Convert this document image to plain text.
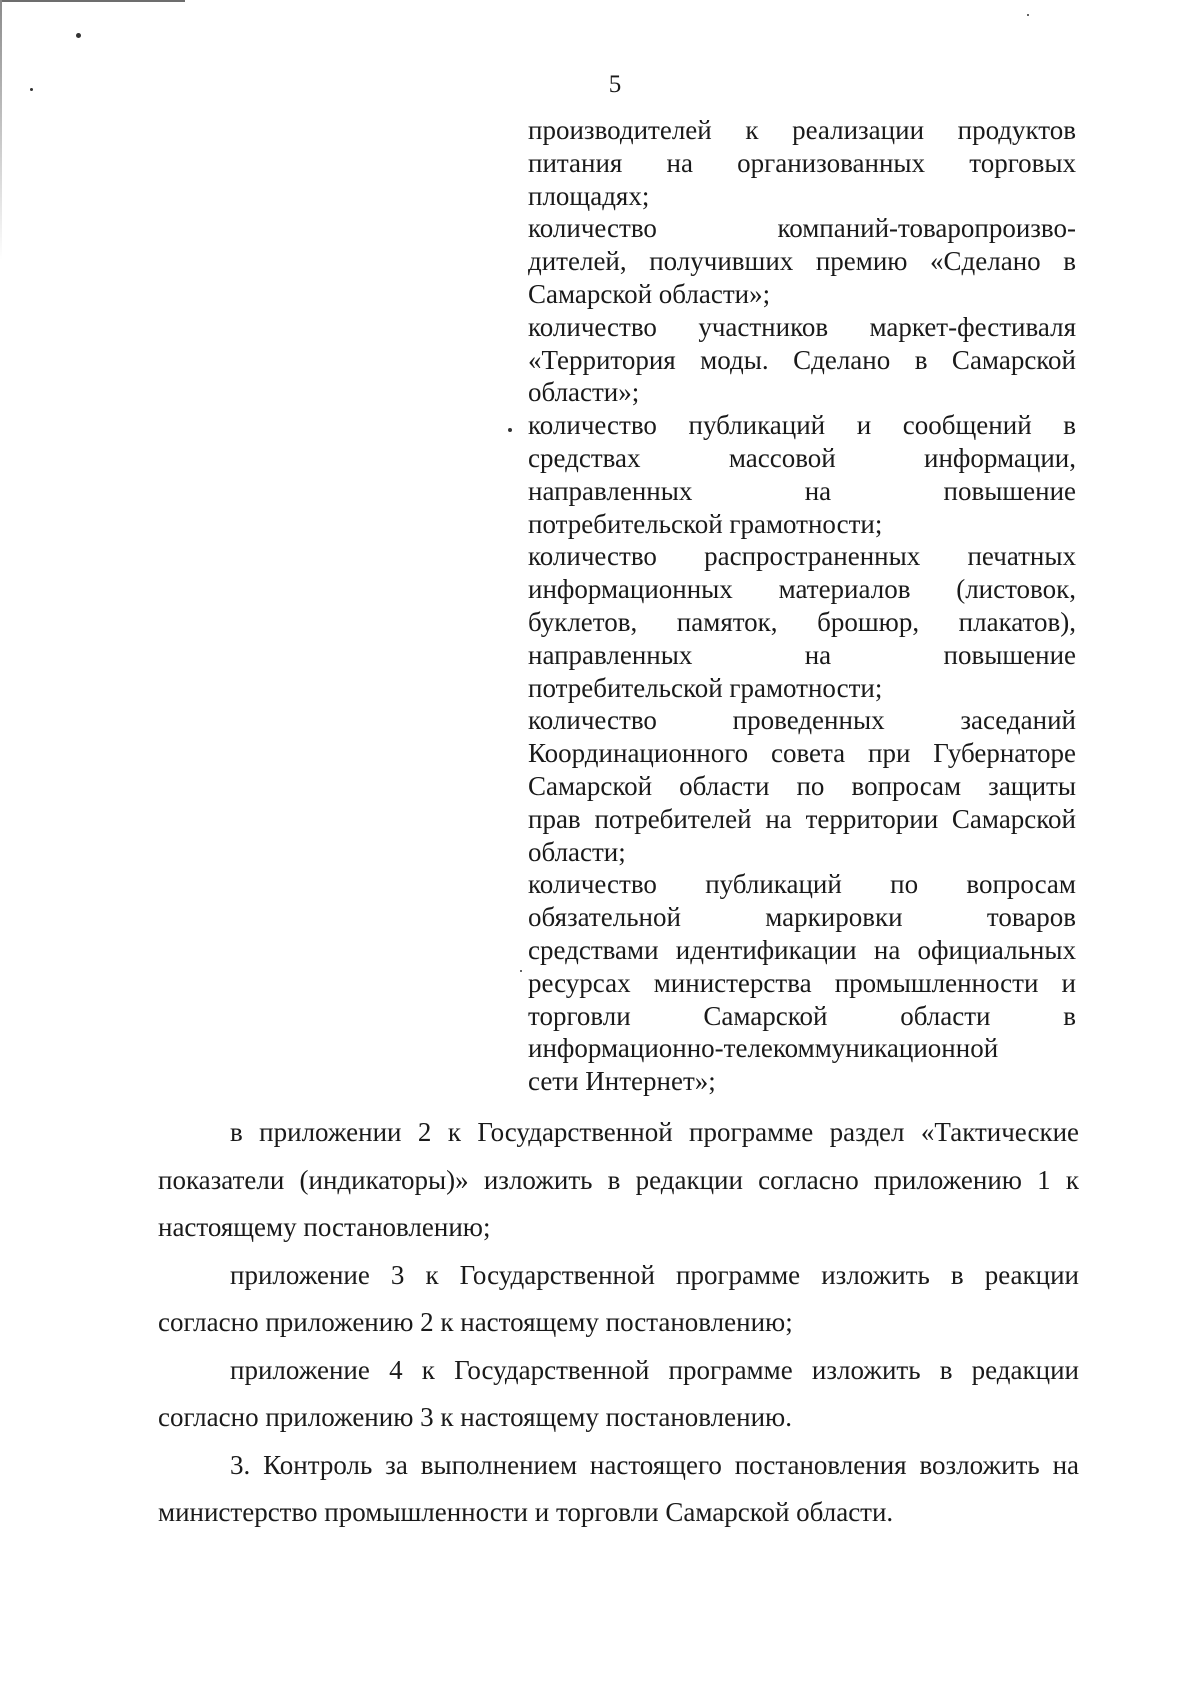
5
производителей к реализации продуктов
питания на организованных торговых
площадях;
количество компаний-товаропроизво-
дителей, получивших премию «Сделано в
Самарской области»;
количество участников маркет-фестиваля
«Территория моды. Сделано в Самарской
области»;
количество публикаций и сообщений в
средствах массовой информации,
направленных на повышение
потребительской грамотности;
количество распространенных печатных
информационных материалов (листовок,
буклетов, памяток, брошюр, плакатов),
направленных на повышение
потребительской грамотности;
количество проведенных заседаний
Координационного совета при Губернаторе
Самарской области по вопросам защиты
прав потребителей на территории Самарской
области;
количество публикаций по вопросам
обязательной маркировки товаров
средствами идентификации на официальных
ресурсах министерства промышленности и
торговли Самарской области в
информационно-телекоммуникационной
сети Интернет»;

в приложении 2 к Государственной программе раздел «Тактические показатели (индикаторы)» изложить в редакции согласно приложению 1 к настоящему постановлению;

приложение 3 к Государственной программе изложить в реакции согласно приложению 2 к настоящему постановлению;

приложение 4 к Государственной программе изложить в редакции согласно приложению 3 к настоящему постановлению.

3. Контроль за выполнением настоящего постановления возложить на министерство промышленности и торговли Самарской области.
